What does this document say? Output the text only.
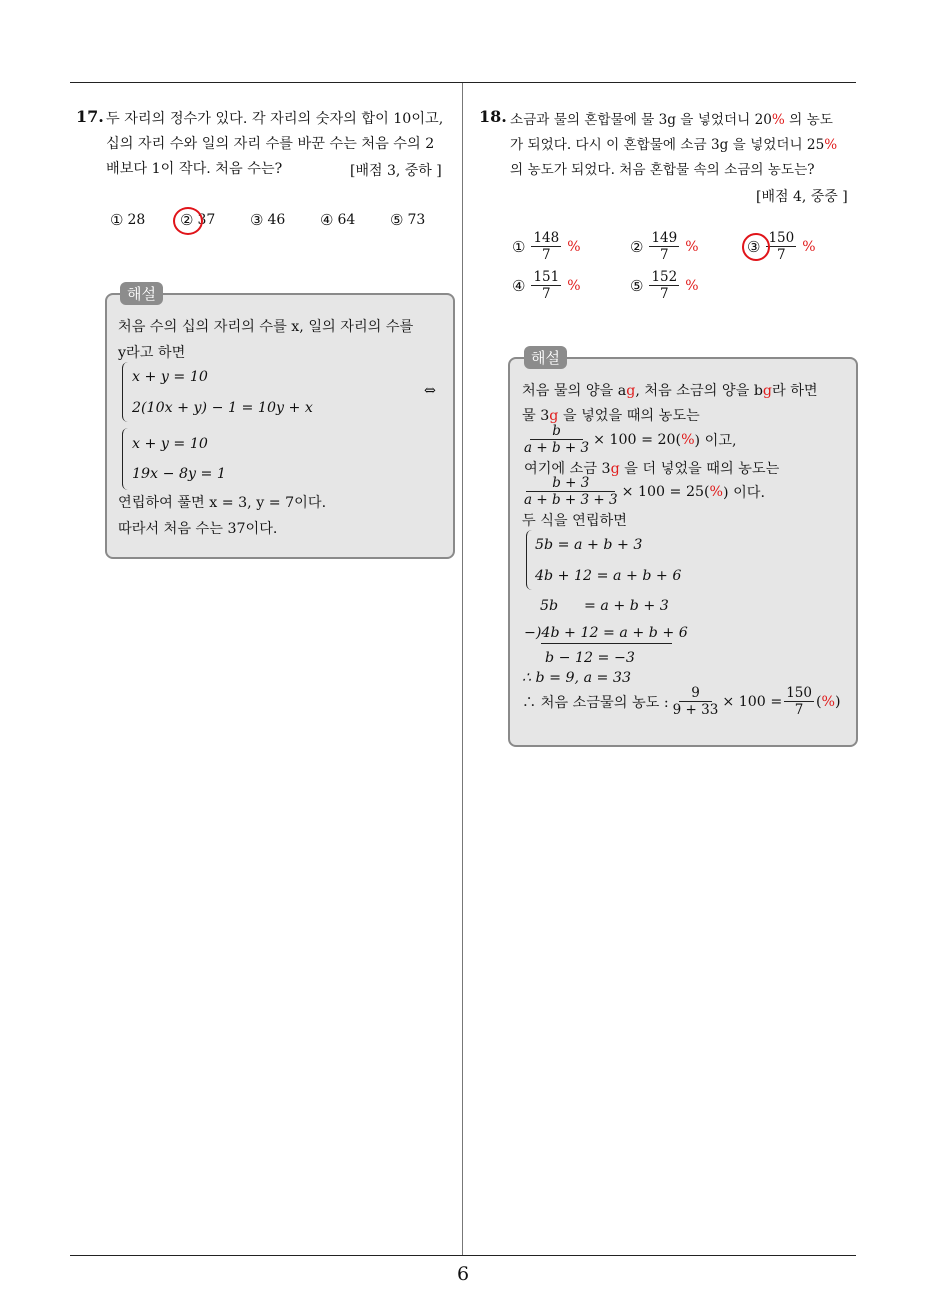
6
17. 두 자리의 정수가 있다. 각 자리의 숫자의 합이 10이고,
십의 자리 수와 일의 자리 수를 바꾼 수는 처음 수의 2
배보다 1이 작다. 처음 수는?	[배점 3, 중하 ]
① 28 ② 37 ③ 46 ④ 64 ⑤ 73
해설
처음 수의 십의 자리의 수를 x, 일의 자리의 수를
y라고 하면
x + y = 10
2(10x + y) − 1 = 10y + x
⇔
x + y = 10
19x − 8y = 1
연립하여 풀면 x = 3, y = 7이다.
따라서 처음 수는 37이다.
18. 소금과 물의 혼합물에 물 3g 을 넣었더니 20% 의 농도
가 되었다. 다시 이 혼합물에 소금 3g 을 넣었더니 25%
의 농도가 되었다. 처음 혼합물 속의 소금의 농도는?
[배점 4, 중중 ]
① $\frac{148}{7}$ %	② $\frac{149}{7}$ %	③ $\frac{150}{7}$ %
④ $\frac{151}{7}$ %	⑤ $\frac{152}{7}$ %
해설
처음 물의 양을 ag, 처음 소금의 양을 bg라 하면
물 3g 을 넣었을 때의 농도는
$\frac{b}{a + b + 3} \times 100 = 20$( % ) 이고,
여기에 소금 3g 을 더 넣었을 때의 농도는
$\frac{b + 3}{a + b + 3 + 3} \times 100 = 25$( % ) 이다.
두 식을 연립하면
5b = a + b + 3
4b + 12 = a + b + 6
5b = a + b + 3
−)4b + 12 = a + b + 6
b − 12 = −3
∴ b = 9, a = 33
∴ 처음 소금물의 농도 : $\frac{9}{9 + 33} \times 100 = \frac{150}{7}$ ( % )
